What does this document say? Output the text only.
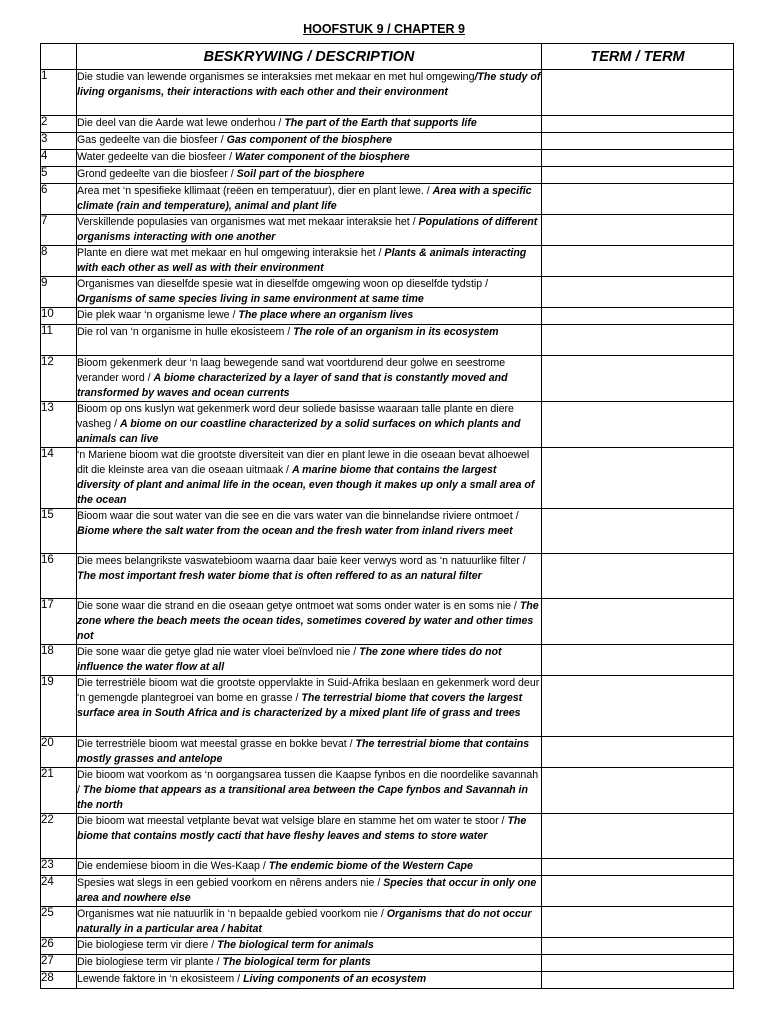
HOOFSTUK 9 / CHAPTER 9
	BESKRYWING / DESCRIPTION	TERM / TERM
1	Die studie van lewende organismes se interaksies met mekaar en met hul omgewing/The study of living organisms, their interactions with each other and their environment	
2	Die deel van die Aarde wat lewe onderhou / The part of the Earth that supports life	
3	Gas gedeelte van die biosfeer / Gas component of the biosphere	
4	Water gedeelte van die biosfeer / Water component of the biosphere	
5	Grond gedeelte van die biosfeer / Soil part of the biosphere	
6	Area met ‘n spesifieke kllimaat (reëen en temperatuur), dier en plant lewe. / Area with a specific climate (rain and temperature), animal and plant life	
7	Verskillende populasies van organismes wat met mekaar interaksie het / Populations of different organisms interacting with one another	
8	Plante en diere wat met mekaar en hul omgewing interaksie het / Plants & animals interacting with each other as well as with their environment	
9	Organismes van dieselfde spesie wat in dieselfde omgewing woon op dieselfde tydstip / Organisms of same species living in same environment at same time	
10	Die plek waar ‘n organisme lewe / The place where an organism lives	
11	Die rol van ‘n organisme in hulle ekosisteem / The role of an organism in its ecosystem	
12	Bioom gekenmerk deur ‘n laag bewegende sand wat voortdurend deur golwe en seestrome verander word / A biome characterized by a layer of sand that is constantly moved and transformed by waves and ocean currents	
13	Bioom op ons kuslyn wat gekenmerk word deur soliede basisse waaraan talle plante en diere vasheg / A biome on our coastline characterized by a solid surfaces on which plants and animals can live	
14	‘n Mariene bioom wat die grootste diversiteit van dier en plant lewe in die oseaan bevat alhoewel dit die kleinste area van die oseaan uitmaak / A marine biome that contains the largest diversity of plant and animal life in the ocean, even though it makes up only a small area of the ocean	
15	Bioom waar die sout water van die see en die vars water van die binnelandse riviere ontmoet / Biome where the salt water from the ocean and the fresh water from inland rivers meet	
16	Die mees belangrikste vaswatebioom waarna daar baie keer verwys word as ‘n natuurlike filter / The most important fresh water biome that is often reffered to as an natural filter	
17	Die sone waar die strand en die oseaan getye ontmoet wat soms onder water is en soms nie / The zone where the beach meets the ocean tides, sometimes covered by water and other times not	
18	Die sone waar die getye glad nie water vloei beïnvloed nie / The zone where tides do not influence the water flow at all	
19	Die terrestriële bioom wat die grootste oppervlakte in Suid-Afrika beslaan en gekenmerk word deur ‘n gemengde plantegroei van bome en grasse / The terrestrial biome that covers the largest surface area in South Africa and is characterized by a mixed plant life of grass and trees	
20	Die terrestriële bioom wat meestal grasse en bokke bevat / The terrestrial biome that contains mostly grasses and antelope	
21	Die bioom wat voorkom as ‘n oorgangsarea tussen die Kaapse fynbos en die noordelike savannah / The biome that appears as a transitional area between the Cape fynbos and Savannah in the north	
22	Die bioom wat meestal vetplante bevat wat velsige blare en stamme het om water te stoor / The biome that contains mostly cacti that have fleshy leaves and stems to store water	
23	Die endemiese bioom in die Wes-Kaap / The endemic biome of the Western Cape	
24	Spesies wat slegs in een gebied voorkom en nêrens anders nie / Species that occur in only one area and nowhere else	
25	Organismes wat nie natuurlik in ‘n bepaalde gebied voorkom nie / Organisms that do not occur naturally in a particular area / habitat	
26	Die biologiese term vir diere / The biological term for animals	
27	Die biologiese term vir plante / The biological term for plants	
28	Lewende faktore in ‘n ekosisteem / Living components of an ecosystem	
